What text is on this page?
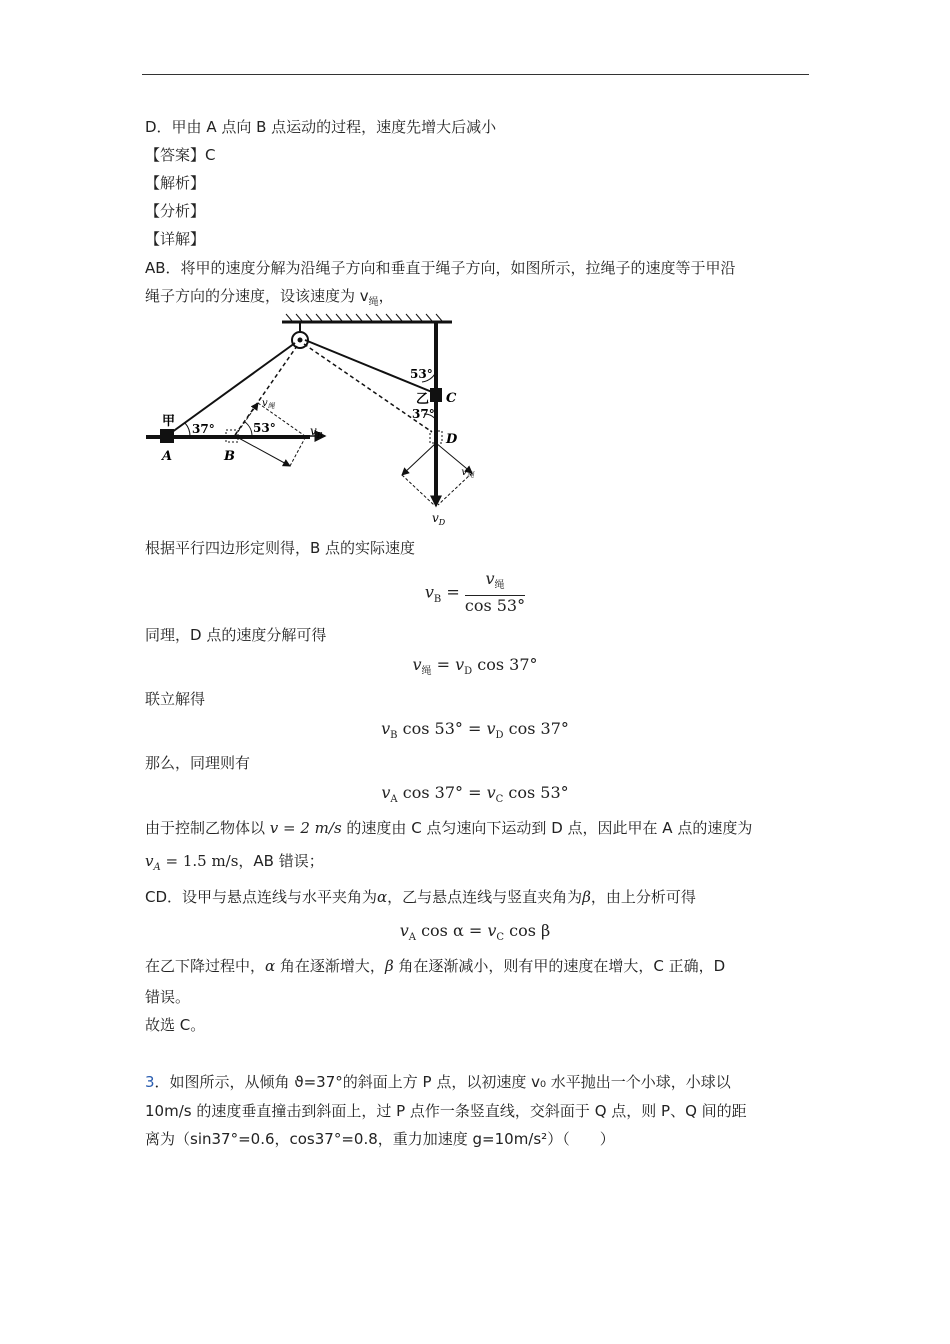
D．甲由 A 点向 B 点运动的过程，速度先增大后减小
【答案】C
【解析】
【分析】
【详解】
AB．将甲的速度分解为沿绳子方向和垂直于绳子方向，如图所示，拉绳子的速度等于甲沿
绳子方向的分速度，设该速度为 $v_绳$，
甲
A	B
37°	53°	$v_B$
$v_绳$
53°
37°
乙 C
D
$v_绳$
$v_D$
根据平行四边形定则得，B 点的实际速度
$v_B = \frac{v_绳}{\cos 53^\circ}$
同理，D 点的速度分解可得
$v_绳 = v_D$ cos 37°
联立解得
$v_B$ $\cos 53^\circ = v_D$ cos 37°
那么，同理则有
$v_A$ $\cos 37^\circ = v_C$ cos 53°
由于控制乙物体以 v = 2 m/s 的速度由 C 点匀速向下运动到 D 点，因此甲在 A 点的速度为
$v_A = 1.5$ m/s，AB 错误；
CD．设甲与悬点连线与水平夹角为α，乙与悬点连线与竖直夹角为β，由上分析可得
$v_A$ $\cos \alpha = v_C$ cos β
在乙下降过程中，α 角在逐渐增大，β 角在逐渐减小，则有甲的速度在增大，C 正确，D
错误。
故选 C。
3．如图所示，从倾角 ϑ=37°的斜面上方 P 点，以初速度 v₀ 水平抛出一个小球，小球以
10m/s 的速度垂直撞击到斜面上，过 P 点作一条竖直线，交斜面于 Q 点，则 P、Q 间的距
离为（sin37°=0.6，cos37°=0.8，重力加速度 g=10m/s²）（　　）
